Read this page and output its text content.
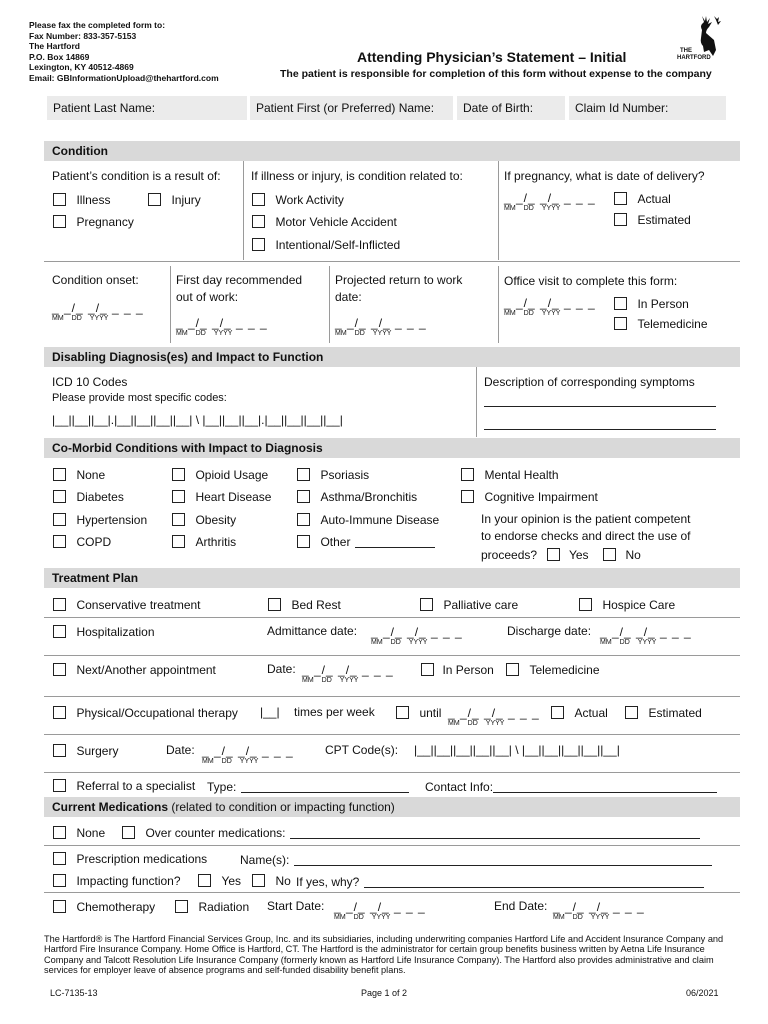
Please fax the completed form to:
Fax Number: 833-357-5153
The Hartford
P.O. Box 14869
Lexington, KY 40512-4869
Email: GBInformationUpload@thehartford.com
Attending Physician’s Statement – Initial
The patient is responsible for completion of this form without expense to the company
THE
HARTFORD
Patient Last Name:	Patient First (or Preferred) Name:	Date of Birth:	Claim Id Number:
Condition
Patient’s condition is a result of:
Illness	Injury
Pregnancy
If illness or injury, is condition related to:
Work Activity
Motor Vehicle Accident
Intentional/Self-Inflicted
If pregnancy, what is date of delivery?
_ _/_ _/_ _ _ _
MM DD YYYY
Actual
Estimated
Condition onset:
_ _/_ _/_ _ _ _
MM DD YYYY
First day recommended
out of work:
_ _/_ _/_ _ _ _
MM DD YYYY
Projected return to work
date:
_ _/_ _/_ _ _ _
MM DD YYYY
Office visit to complete this form:
_ _/_ _/_ _ _ _
MM DD YYYY
In Person
Telemedicine
Disabling Diagnosis(es) and Impact to Function
ICD 10 Codes
Please provide most specific codes:
|__||__||__|.|__||__||__||__| \ |__||__||__|.|__||__||__||__|
Description of corresponding symptoms
Co-Morbid Conditions with Impact to Diagnosis
None	Opioid Usage	Psoriasis	Mental Health
Diabetes	Heart Disease	Asthma/Bronchitis	Cognitive Impairment
Hypertension	Obesity	Auto-Immune Disease
COPD	Arthritis	Other
In your opinion is the patient competent
to endorse checks and direct the use of
proceeds?	Yes	No
Treatment Plan
Conservative treatment	Bed Rest	Palliative care	Hospice Care
Hospitalization	Admittance date: _ _/_ _/_ _ _ _
MM DD YYYY
Discharge date: _ _/_ _/_ _ _ _
MM DD YYYY
Next/Another appointment	Date: _ _/_ _/_ _ _ _
MM DD YYYY
In Person	Telemedicine
Physical/Occupational therapy |__| times per week	until _ _/_ _/_ _ _ _
MM DD YYYY
Actual	Estimated
Surgery	Date: _ _/_ _/_ _ _ _
MM DD YYYY
CPT Code(s): |__||__||__||__||__| \ |__||__||__||__||__|
Referral to a specialist Type:	Contact Info:
Current Medications (related to condition or impacting function)
None	Over counter medications:
Prescription medications	Name(s):
Impacting function?	Yes	No If yes, why?
Chemotherapy	Radiation Start Date: _ _/_ _/_ _ _ _
MM DD YYYY
End Date: _ _/_ _/_ _ _ _
MM DD YYYY
The Hartford® is The Hartford Financial Services Group, Inc. and its subsidiaries, including underwriting companies Hartford Life and Accident Insurance Company and Hartford Fire Insurance Company. Home Office is Hartford, CT. The Hartford is the administrator for certain group benefits business written by Aetna Life Insurance Company and Talcott Resolution Life Insurance Company (formerly known as Hartford Life Insurance Company). The Hartford also provides administrative and claim services for employer leave of absence programs and self-funded disability benefit plans.
LC-7135-13	Page 1 of 2	06/2021
